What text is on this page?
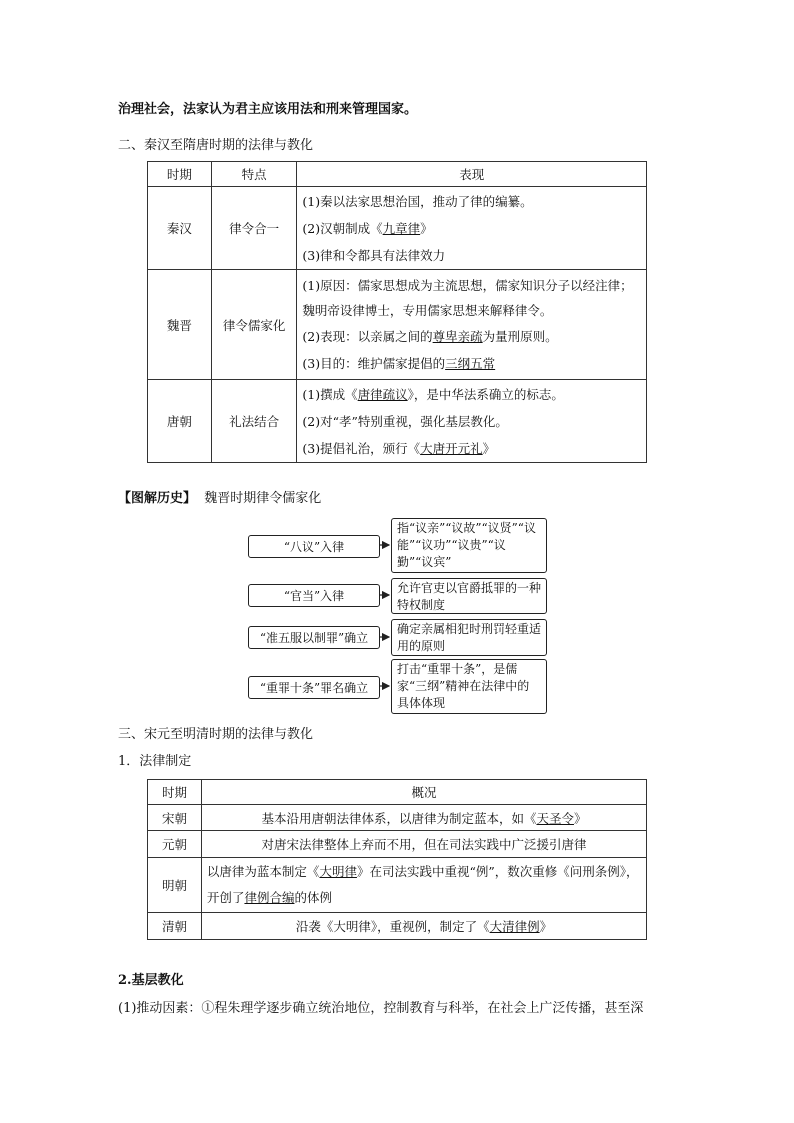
治理社会，法家认为君主应该用法和刑来管理国家。
二、秦汉至隋唐时期的法律与教化
时期	特点	表现
秦汉	律令合一	(1)秦以法家思想治国，推动了律的编纂。
(2)汉朝制成《九章律》
(3)律和令都具有法律效力

魏晋	律令儒家化	(1)原因：儒家思想成为主流思想，儒家知识分子以经注律；魏明帝设律博士，专用儒家思想来解释律令。
(2)表现：以亲属之间的尊卑亲疏为量刑原则。
(3)目的：维护儒家提倡的三纲五常

唐朝	礼法结合	(1)撰成《唐律疏议》，是中华法系确立的标志。
(2)对“孝”特别重视，强化基层教化。
(3)提倡礼治，颁行《大唐开元礼》
【图解历史】 魏晋时期律令儒家化
“八议”入律
指“议亲”“议故”“议贤”“议能”“议功”“议贵”“议勤”“议宾”
“官当”入律
允许官吏以官爵抵罪的一种特权制度
“准五服以制罪”确立
确定亲属相犯时刑罚轻重适用的原则
“重罪十条”罪名确立
打击“重罪十条”，是儒家“三纲”精神在法律中的具体体现
三、宋元至明清时期的法律与教化
1．法律制定
时期	概况
宋朝	基本沿用唐朝法律体系，以唐律为制定蓝本，如《天圣令》
元朝	对唐宋法律整体上弃而不用，但在司法实践中广泛援引唐律
明朝	以唐律为蓝本制定《大明律》在司法实践中重视“例”，数次重修《问刑条例》，开创了律例合编的体例
清朝	沿袭《大明律》，重视例，制定了《大清律例》
2.基层教化
(1)推动因素：①程朱理学逐步确立统治地位，控制教育与科举，在社会上广泛传播，甚至深
